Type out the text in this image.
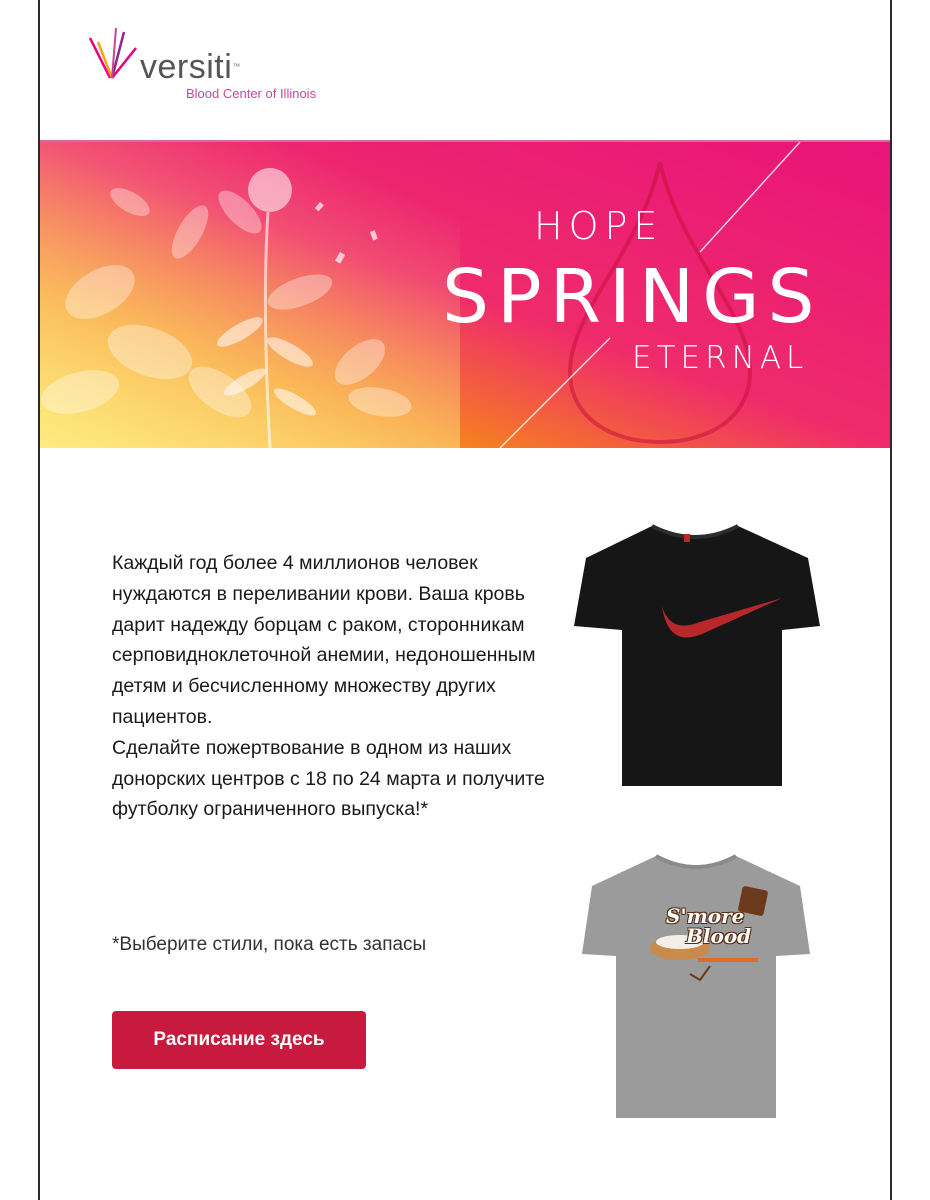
versiti™
Blood Center of Illinois
HOPE
SPRINGS
ETERNAL

Каждый год более 4 миллионов человек нуждаются в переливании крови. Ваша кровь дарит надежду борцам с раком, сторонникам серповидноклеточной анемии, недоношенным детям и бесчисленному множеству других пациентов.

Сделайте пожертвование в одном из наших донорских центров с 18 по 24 марта и получите футболку ограниченного выпуска!*

*Выберите стили, пока есть запасы
Расписание здесь
S'more
Blood
